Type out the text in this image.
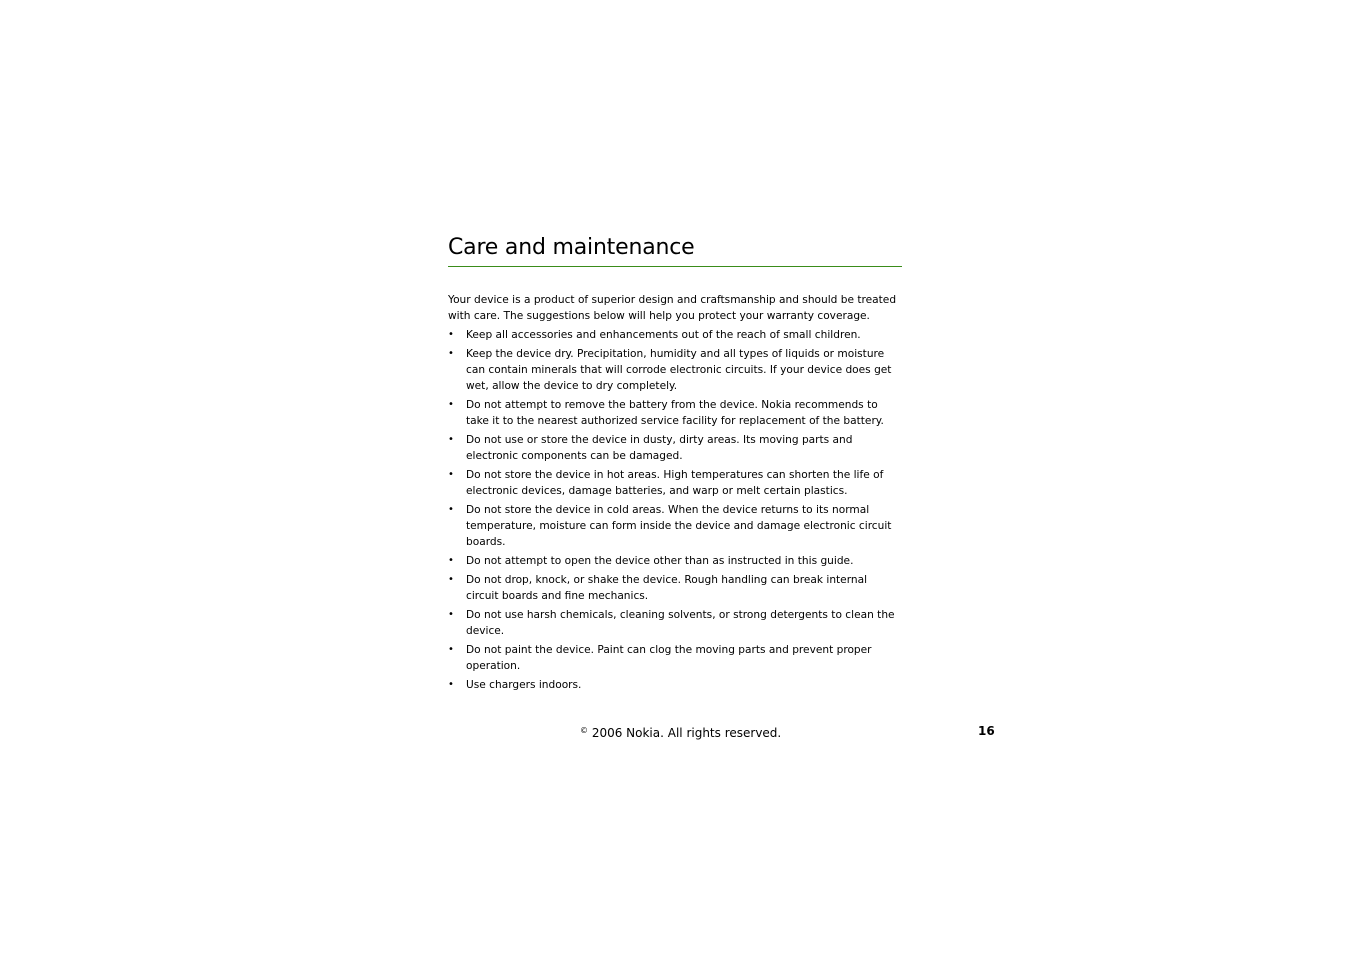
Care and maintenance

Your device is a product of superior design and craftsmanship and should be treated with care. The suggestions below will help you protect your warranty coverage.

•	Keep all accessories and enhancements out of the reach of small children.
•	Keep the device dry. Precipitation, humidity and all types of liquids or moisture can contain minerals that will corrode electronic circuits. If your device does get wet, allow the device to dry completely.
•	Do not attempt to remove the battery from the device. Nokia recommends to take it to the nearest authorized service facility for replacement of the battery.
•	Do not use or store the device in dusty, dirty areas. Its moving parts and electronic components can be damaged.
•	Do not store the device in hot areas. High temperatures can shorten the life of electronic devices, damage batteries, and warp or melt certain plastics.
•	Do not store the device in cold areas. When the device returns to its normal temperature, moisture can form inside the device and damage electronic circuit boards.
•	Do not attempt to open the device other than as instructed in this guide.
•	Do not drop, knock, or shake the device. Rough handling can break internal circuit boards and fine mechanics.
•	Do not use harsh chemicals, cleaning solvents, or strong detergents to clean the device.
•	Do not paint the device. Paint can clog the moving parts and prevent proper operation.
•	Use chargers indoors.
© 2006 Nokia. All rights reserved.	16
